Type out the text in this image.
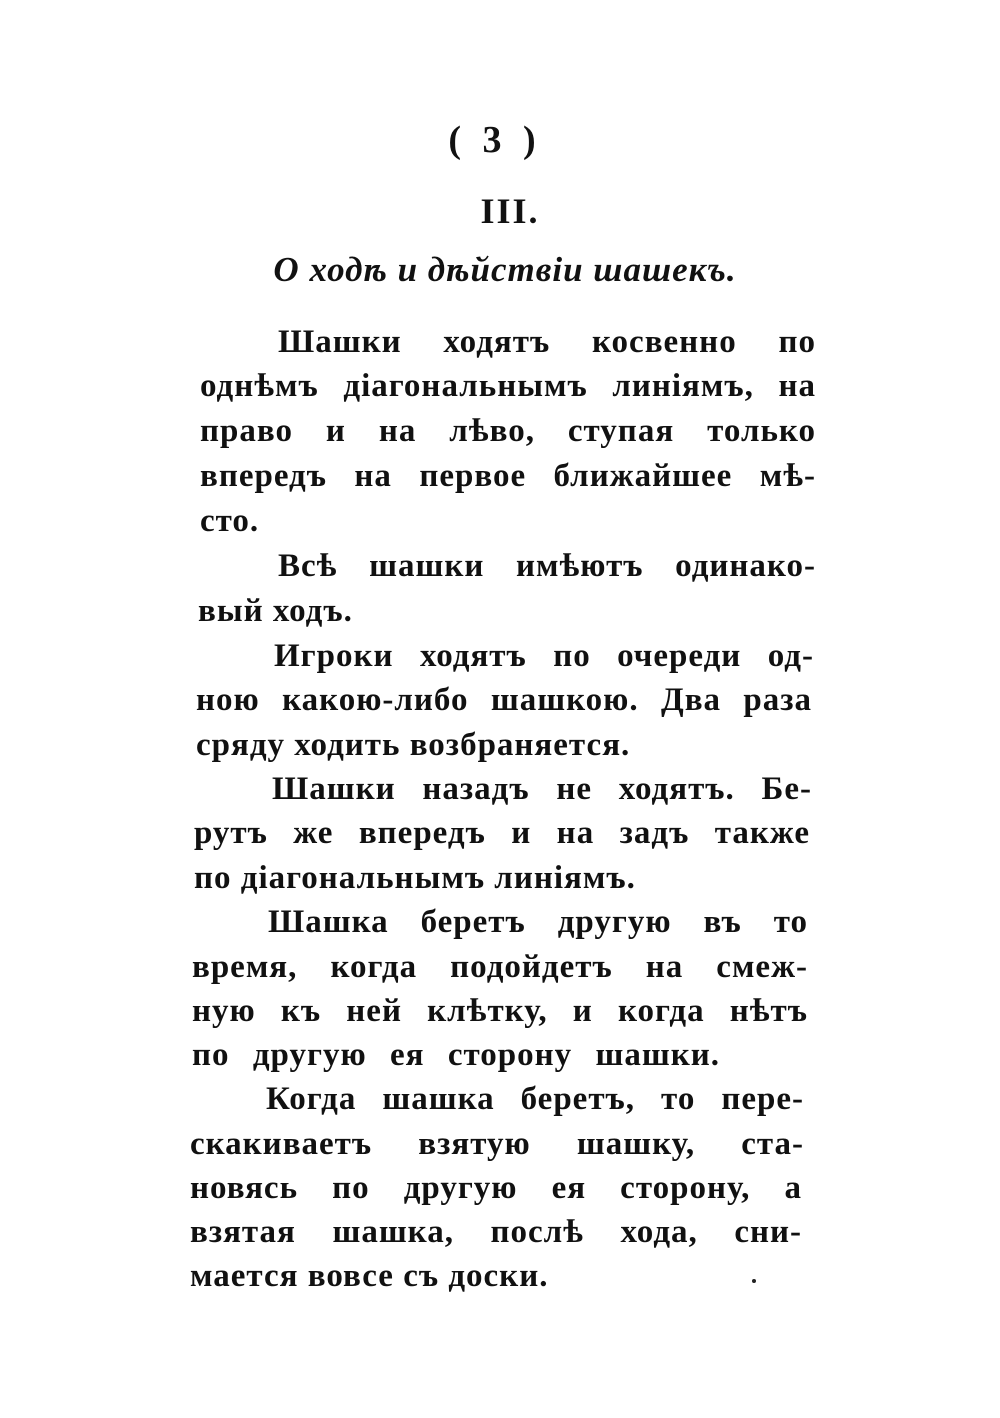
( 3 )
III.
О ходѣ и дѣйствіи шашекъ.
Шашки ходятъ косвенно по
однѣмъ діагональнымъ линіямъ, на
право и на лѣво, ступая только
впередъ на первое ближайшее мѣ-
сто.
Всѣ шашки имѣютъ одинако-
вый ходъ.
Игроки ходятъ по очереди од-
ною какою-либо шашкою. Два раза
сряду ходить возбраняется.
Шашки назадъ не ходятъ. Бе-
рутъ же впередъ и на задъ также
по діагональнымъ линіямъ.
Шашка беретъ другую въ то
время, когда подойдетъ на смеж-
ную къ ней клѣтку, и когда нѣтъ
по другую ея сторону шашки.
Когда шашка беретъ, то пере-
скакиваетъ взятую шашку, ста-
новясь по другую ея сторону, а
взятая шашка, послѣ хода, сни-
мается вовсе съ доски.
